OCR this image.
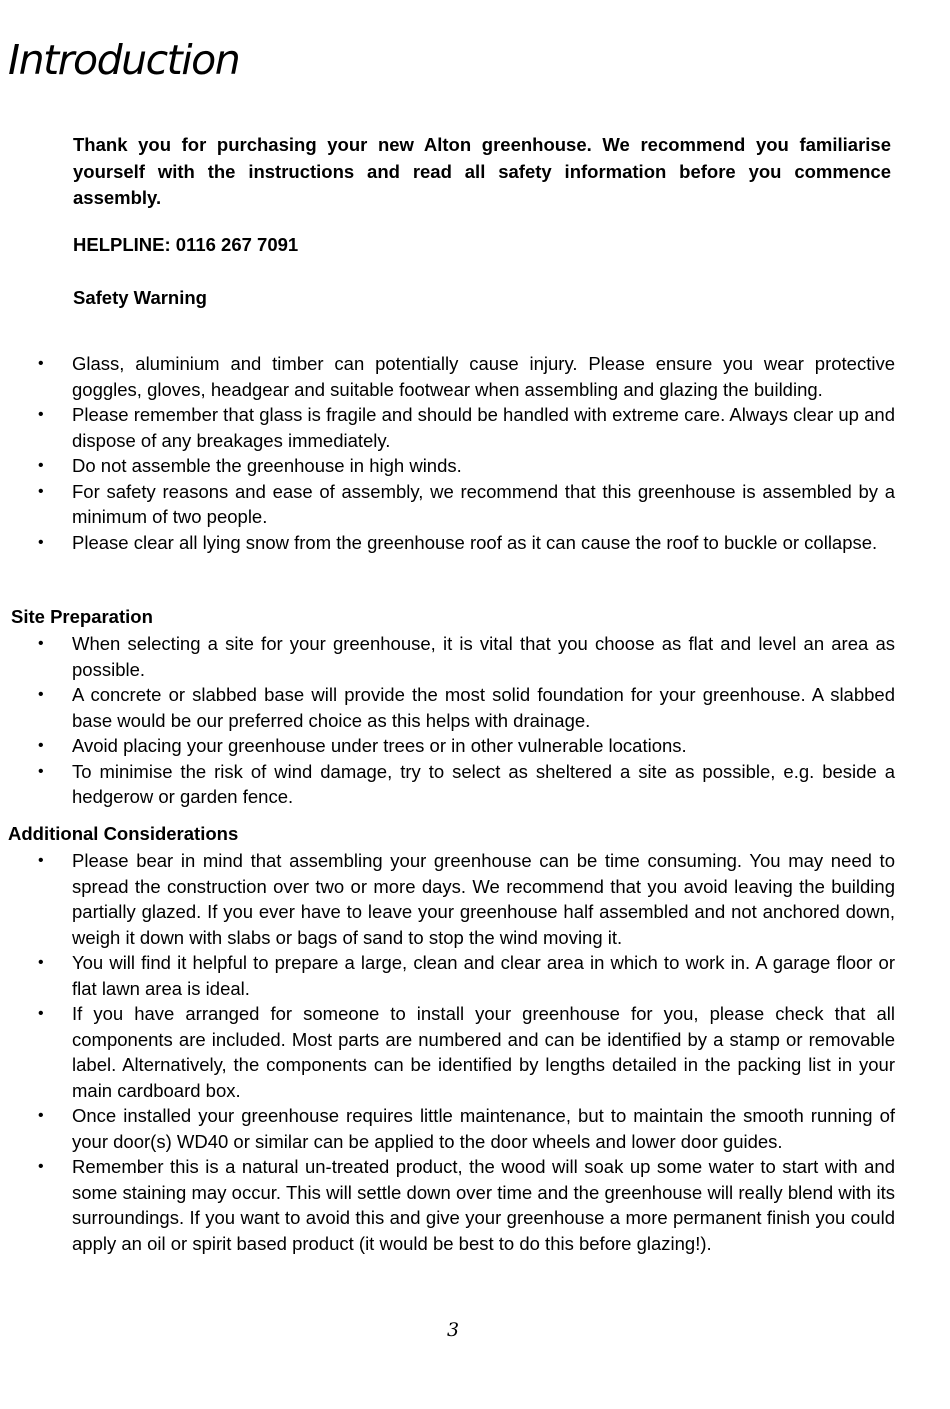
Introduction

Thank you for purchasing your new Alton greenhouse. We recommend you familiarise yourself with the instructions and read all safety information before you commence assembly.

HELPLINE: 0116 267 7091

Safety Warning

• Glass, aluminium and timber can potentially cause injury. Please ensure you wear protective goggles, gloves, headgear and suitable footwear when assembling and glazing the building.
• Please remember that glass is fragile and should be handled with extreme care. Always clear up and dispose of any breakages immediately.
• Do not assemble the greenhouse in high winds.
• For safety reasons and ease of assembly, we recommend that this greenhouse is assembled by a minimum of two people.
• Please clear all lying snow from the greenhouse roof as it can cause the roof to buckle or collapse.

Site Preparation

• When selecting a site for your greenhouse, it is vital that you choose as flat and level an area as possible.
• A concrete or slabbed base will provide the most solid foundation for your greenhouse. A slabbed base would be our preferred choice as this helps with drainage.
• Avoid placing your greenhouse under trees or in other vulnerable locations.
• To minimise the risk of wind damage, try to select as sheltered a site as possible, e.g. beside a hedgerow or garden fence.

Additional Considerations

• Please bear in mind that assembling your greenhouse can be time consuming. You may need to spread the construction over two or more days. We recommend that you avoid leaving the building partially glazed. If you ever have to leave your greenhouse half assembled and not anchored down, weigh it down with slabs or bags of sand to stop the wind moving it.
• You will find it helpful to prepare a large, clean and clear area in which to work in. A garage floor or flat lawn area is ideal.
• If you have arranged for someone to install your greenhouse for you, please check that all components are included. Most parts are numbered and can be identified by a stamp or removable label. Alternatively, the components can be identified by lengths detailed in the packing list in your main cardboard box.
• Once installed your greenhouse requires little maintenance, but to maintain the smooth running of your door(s) WD40 or similar can be applied to the door wheels and lower door guides.
• Remember this is a natural un-treated product, the wood will soak up some water to start with and some staining may occur. This will settle down over time and the greenhouse will really blend with its surroundings. If you want to avoid this and give your greenhouse a more permanent finish you could apply an oil or spirit based product (it would be best to do this before glazing!).

3
